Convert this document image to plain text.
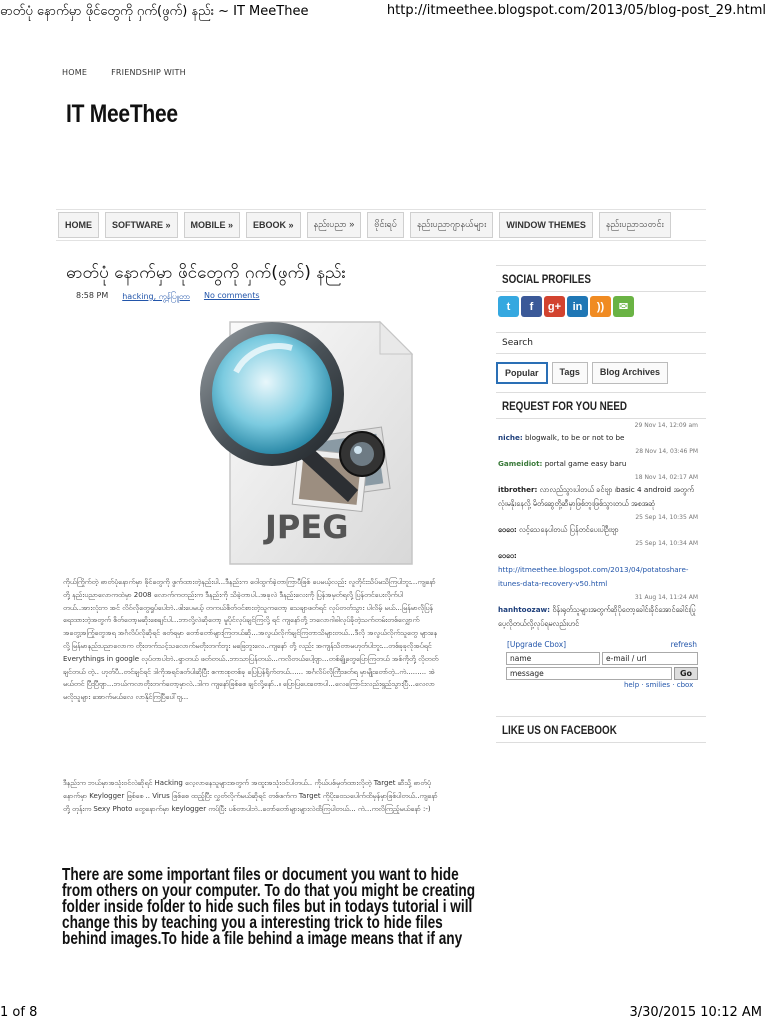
ဓာတ်ပုံ နောက်မှာ ဖိုင်တွေကို ဂှက်(ဖွက်) နည်း ~ IT MeeThee	http://itmeethee.blogspot.com/2013/05/blog-post_29.html
HOME	FRIENDSHIP WITH
IT MeeThee
HOME	SOFTWARE »	MOBILE »	EBOOK »	နည်းပညာ »	ဗိုင်းရပ်	နည်းပညာဂျာနယ်များ	WINDOW THEMES	နည်းပညာသတင်း
ဓာတ်ပုံ နောက်မှာ ဖိုင်တွေကို ဂှက်(ဖွက်) နည်း
8:58 PM hacking, ကွန်ပြူတာ No comments
JPEG
ကိုယ်ကြိုက်တဲ့ ဓာတ်ပုံနောက်မှာ ဖိုင်တွေကို ဖွက်ထားတဲ့နည်းပါ...ဒီနည်းက ဝေါထွက်ခဲ့တာကြာပီဖြစ် ပေမယ့်လည်း လူတိုင်းသိပ်မသိကြပါဘူး...ကျနော်တို့ နည်းပညာလောကထဲမှာ 2008 လောက်ကတည်းက ဒီနည်းကို သိခဲ့တာပါ..အခုလဲ ဒီနည်းလေးကို ပြန်အမှတ်ရလို့ ပြန်တင်ပေးလိုက်ပါတယ်..အားလုံးက အင် လိဝ်လိုတွေရှုပ်ပေါဘဲ..ဖါးပေမယ့် တကယ်စိတ်ဝင်စားတဲ့သူကတော့ သေချာဖတ်ရင် လုပ်တတ်သွား ပါလိမ့် မယ်...မြန်မာလိုပြန်ရေးထားတဲ့အတွက် စိတ်တော့မဆိုးစေချင်ပါ...ဘာလို့လဲဆိုတော့ မူပိုင်လုပ်ချင်ကြလို့ ရင် ကျနော်တို့ ဘလောဂါဓါလုပ်ခိုတဲ့သက်တမ်းတစ်လျှောက်အတွေ့အကြုံတွေအရ အင်္ဂလိပ်လိုဆိုရင် ဖတ်ရမှာ တော်တော်များကြတယ်ဆို...အလွယ်လိုက်ချင်ကြတာသိများတယ်...ဒီလို အလွယ်လိုက်သူတွေ များနေလို့ မြန်မာနည်းပညာလောက တိုးတက်သင့်သလောက်မတိုးတက်ဘူး မဖြေဘူးလေ..ကျနော် တို့ လည်း အကျန်သိတာမဟုတ်ပါဘူး...တစ်ခုခုလိုအပ်ရင် Everythings in google လုပ်တာပါဘဲ..ရှာတယ် ဖတ်တယ်..ဘာသာပြန်တယ်...ကလိတယ်ပေါ့ဗျာ...တစ်ချို့တွေပြောကြတယ် အစ်ကိုတို့ လိုတတ်ချင်တယ် တဲ့.. ဟုတ်ပီ..တင်ချင်ရင် ဒါကိုအရင်ဖတ်ပါဆိုပြီး စကားစုတစ်ခု ပြေပြန်ရိုက်တယ်...... အင်္ဂလိပ်လိုကြီးဖတ်ရ မှာမျိုးတော်တဲ့..ကဲ......... အဲမယ်တင် ပြီးပြီဗျာ...ဘယ်ကလာတိုးတက်တော့မှာလဲ..ဒါက ကျနော်ဖြစ်စေ ချင်လို့နော်..။ ပြောပြပေးတောပါ...လေကြောင်းလည်းရှည်သွားပြီ...လေလာ မလိုသူများ အောက်မယ်လေ လာနိုင်ကြပြီပေါ်ဗျ...
ဒီနည်းက ဘယ်မှာအသုံးဝင်လဲဆိုရင် Hacking လေ့လာနေသူများအတွက် အထူးအသုံးဝင်ပါတယ်.. ကိုယ်ပစ်မှတ်ထားလိုတဲ့ Target ဆီသို့ ဓာတ်ပုံနောက်မှာ Keylogger ဖြစ်စေ .. Virus ဖြစ်စေ ထည့်ပြီး လွှတ်လိုက်မယ်ဆိုရင် တစ်ဖက်က Target ကိုပိုးဝေသပေါက်ထိမှန်မှာဖြစ်ပါတယ်..ကျနော်တို့ တုန်းက Sexy Photo တွေနောက်မှာ keylogger ကပ်ပြီး ပစ်တာပါဘဲ..တော်တော်များများလဲထိကြပါတယ်... ကဲ...ကလိကြည့်မယ်နော် :-)
There are some important files or document you want to hide from others on your computer. To do that you might be creating folder inside folder to hide such files but in todays tutorial i will change this by teaching you a interesting trick to hide files behind images.To hide a file behind a image means that if any
SOCIAL PROFILES
t	f	g+	in	))	✉
Search
Popular	Tags	Blog Archives
REQUEST FOR YOU NEED
29 Nov 14, 12:09 am
niche: blogwalk, to be or not to be
28 Nov 14, 03:46 PM
Gameidiot: portal game easy baru
18 Nov 14, 02:17 AM
itbrother: လာလည်သွားပါတယ် ခင်ဗျာ ၊basic 4 android အတွက်လုံးမနိုးနေလို့ မိတ်ဆွေတို့ဆီမှာဖြစ်ဘူးဖြစ်သွားတယ် အစအဆုံ
25 Sep 14, 10:35 AM
ဝေဝေ: လင့်သေနေပါတယ် ပြန်တင်ပေးပါဦးဗျာ
25 Sep 14, 10:34 AM
ဝေဝေ: http://itmeethee.blogspot.com/2013/04/potatoshare-itunes-data-recovery-v50.html
31 Aug 14, 11:24 AM
hanhtoozaw: ဝိန်းရုတ်သူများအတွက်ဆိုပိုတော့ခေါင်းခိုင်အောင်ခေါင်းပြုပေ့လိုတယ်လို့လုပ်ရမလည်းဟင်
[Upgrade Cbox]	refresh
name	e-mail / url
message	Go
help · smilies · cbox
LIKE US ON FACEBOOK
1 of 8	3/30/2015 10:12 AM
